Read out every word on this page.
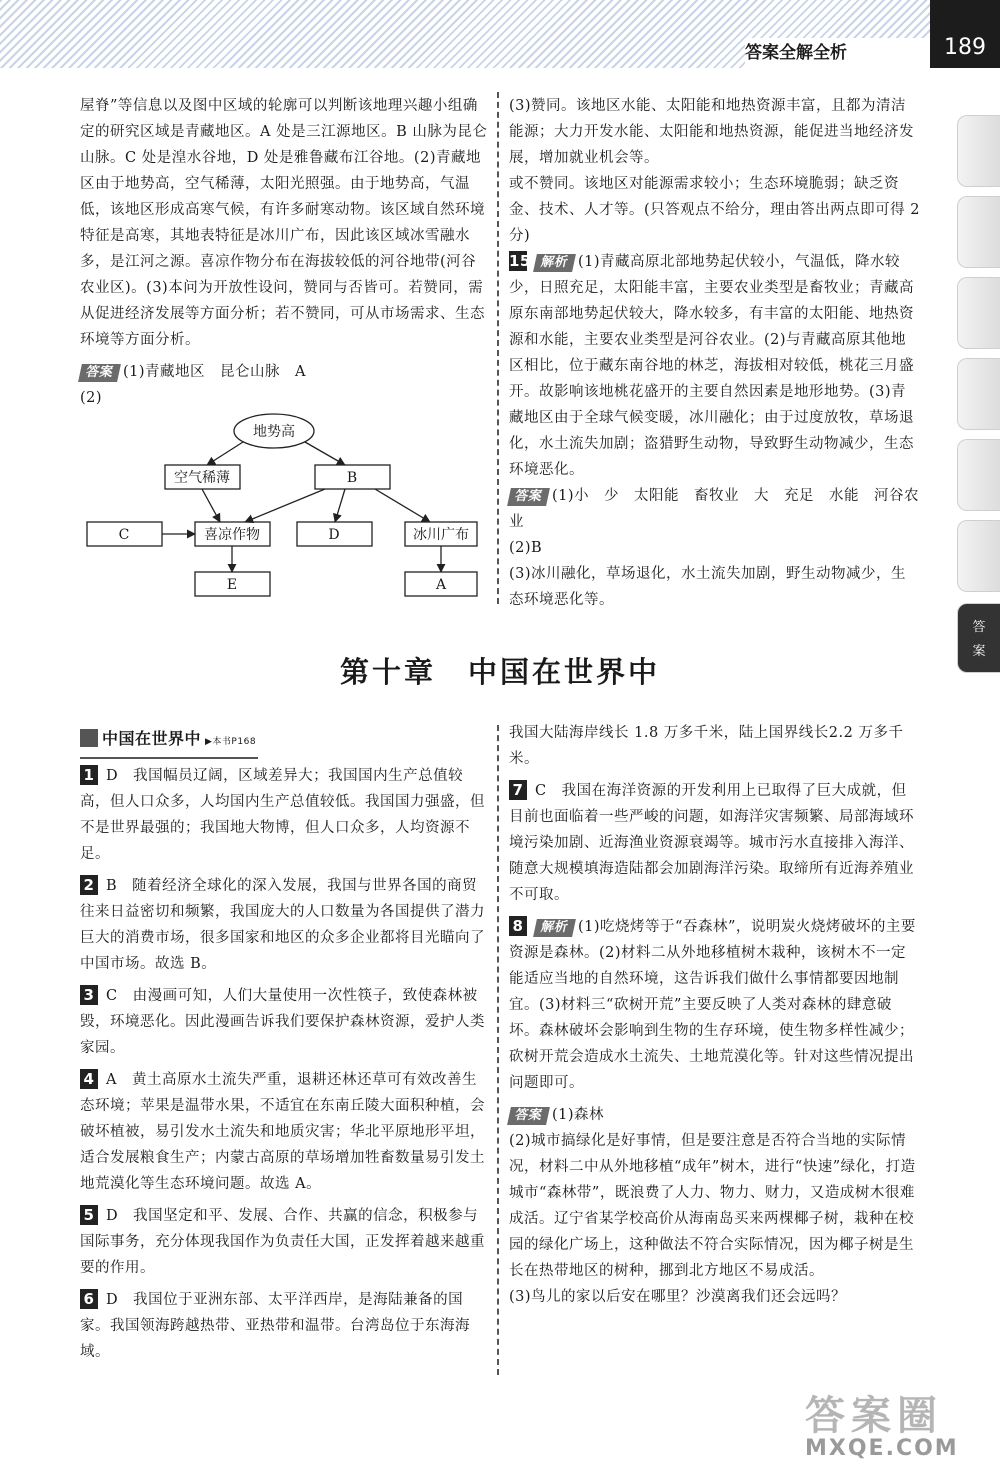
答案全解全析	189
答
案

屋脊”等信息以及图中区域的轮廓可以判断该地理兴趣小组确定的研究区域是青藏地区。A 处是三江源地区。B 山脉为昆仑山脉。C 处是湟水谷地，D 处是雅鲁藏布江谷地。(2)青藏地区由于地势高，空气稀薄，太阳光照强。由于地势高，气温低，该地区形成高寒气候，有许多耐寒动物。该区域自然环境特征是高寒，其地表特征是冰川广布，因此该区域冰雪融水多，是江河之源。喜凉作物分布在海拔较低的河谷地带(河谷农业区)。(3)本问为开放性设问，赞同与否皆可。若赞同，需从促进经济发展等方面分析；若不赞同，可从市场需求、生态环境等方面分析。

答案 (1)青藏地区　昆仑山脉　A

(2)

地势高
空气稀薄	B
C	喜凉作物	D	冰川广布
E	A

(3)赞同。该地区水能、太阳能和地热资源丰富，且都为清洁能源；大力开发水能、太阳能和地热资源，能促进当地经济发展，增加就业机会等。

或不赞同。该地区对能源需求较小；生态环境脆弱；缺乏资金、技术、人才等。(只答观点不给分，理由答出两点即可得 2 分)

15 解析 (1)青藏高原北部地势起伏较小，气温低，降水较少，日照充足，太阳能丰富，主要农业类型是畜牧业；青藏高原东南部地势起伏较大，降水较多，有丰富的太阳能、地热资源和水能，主要农业类型是河谷农业。(2)与青藏高原其他地区相比，位于藏东南谷地的林芝，海拔相对较低，桃花三月盛开。故影响该地桃花盛开的主要自然因素是地形地势。(3)青藏地区由于全球气候变暖，冰川融化；由于过度放牧，草场退化，水土流失加剧；盗猎野生动物，导致野生动物减少，生态环境恶化。

答案 (1)小　少　太阳能　畜牧业　大　充足　水能　河谷农业

(2)B

(3)冰川融化，草场退化，水土流失加剧，野生动物减少，生态环境恶化等。

第十章　中国在世界中
中国在世界中 ▶本书P168

1 D　我国幅员辽阔，区域差异大；我国国内生产总值较高，但人口众多，人均国内生产总值较低。我国国力强盛，但不是世界最强的；我国地大物博，但人口众多，人均资源不足。

2 B　随着经济全球化的深入发展，我国与世界各国的商贸往来日益密切和频繁，我国庞大的人口数量为各国提供了潜力巨大的消费市场，很多国家和地区的众多企业都将目光瞄向了中国市场。故选 B。

3 C　由漫画可知，人们大量使用一次性筷子，致使森林被毁，环境恶化。因此漫画告诉我们要保护森林资源，爱护人类家园。

4 A　黄土高原水土流失严重，退耕还林还草可有效改善生态环境；苹果是温带水果，不适宜在东南丘陵大面积种植，会破坏植被，易引发水土流失和地质灾害；华北平原地形平坦，适合发展粮食生产；内蒙古高原的草场增加牲畜数量易引发土地荒漠化等生态环境问题。故选 A。

5 D　我国坚定和平、发展、合作、共赢的信念，积极参与国际事务，充分体现我国作为负责任大国，正发挥着越来越重要的作用。

6 D　我国位于亚洲东部、太平洋西岸，是海陆兼备的国家。我国领海跨越热带、亚热带和温带。台湾岛位于东海海域。

我国大陆海岸线长 1.8 万多千米，陆上国界线长2.2 万多千米。

7 C　我国在海洋资源的开发利用上已取得了巨大成就，但目前也面临着一些严峻的问题，如海洋灾害频繁、局部海域环境污染加剧、近海渔业资源衰竭等。城市污水直接排入海洋、随意大规模填海造陆都会加剧海洋污染。取缔所有近海养殖业不可取。

8 解析 (1)吃烧烤等于“吞森林”，说明炭火烧烤破坏的主要资源是森林。(2)材料二从外地移植树木栽种，该树木不一定能适应当地的自然环境，这告诉我们做什么事情都要因地制宜。(3)材料三“砍树开荒”主要反映了人类对森林的肆意破坏。森林破坏会影响到生物的生存环境，使生物多样性减少；砍树开荒会造成水土流失、土地荒漠化等。针对这些情况提出问题即可。

答案 (1)森林

(2)城市搞绿化是好事情，但是要注意是否符合当地的实际情况，材料二中从外地移植“成年”树木，进行“快速”绿化，打造城市“森林带”，既浪费了人力、物力、财力，又造成树木很难成活。辽宁省某学校高价从海南岛买来两棵椰子树，栽种在校园的绿化广场上，这种做法不符合实际情况，因为椰子树是生长在热带地区的树种，挪到北方地区不易成活。

(3)鸟儿的家以后安在哪里？沙漠离我们还会远吗？

答案圈
MXQE.COM
